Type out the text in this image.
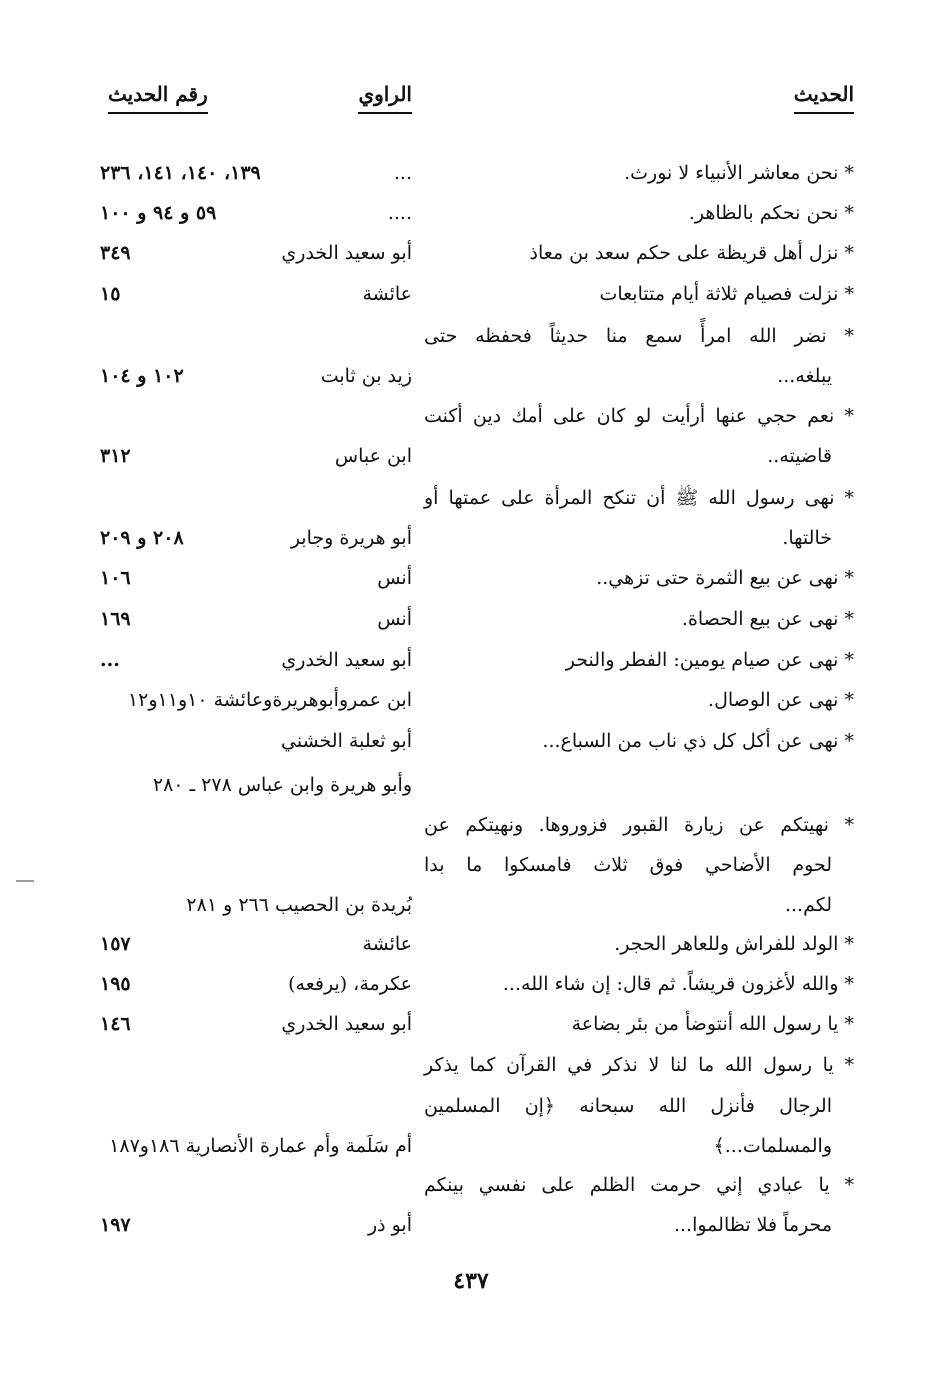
الحديث
الراوي
رقم الحديث
* نحن معاشر الأنبياء لا نورث.
...
١٣٩، ١٤٠، ١٤١، ٢٣٦
* نحن نحكم بالظاهر.
....
٥٩ و ٩٤ و ١٠٠
* نزل أهل قريظة على حكم سعد بن معاذ
أبو سعيد الخدري
٣٤٩
* نزلت فصيام ثلاثة أيام متتابعات
عائشة
١٥
* نضر الله امرأً سمع منا حديثاً فحفظه حتى
يبلغه...
زيد بن ثابت
١٠٢ و ١٠٤
* نعم حجي عنها أرأيت لو كان على أمك دين أكنت
قاضيته..
ابن عباس
٣١٢
* نهى رسول الله ﷺ أن تنكح المرأة على عمتها أو
خالتها.
أبو هريرة وجابر
٢٠٨ و ٢٠٩
* نهى عن بيع الثمرة حتى تزهي..
أنس
١٠٦
* نهى عن بيع الحصاة.
أنس
١٦٩
* نهى عن صيام يومين: الفطر والنحر
أبو سعيد الخدري
...
* نهى عن الوصال.
ابن عمروأبوهريرةوعائشة ١٠و١١و١٢
* نهى عن أكل كل ذي ناب من السباع...
أبو ثعلبة الخشني
وأبو هريرة وابن عباس ٢٧٨ ـ ٢٨٠
* نهيتكم عن زيارة القبور فزوروها. ونهيتكم عن
لحوم الأضاحي فوق ثلاث فامسكوا ما بدا
لكم...
بُريدة بن الحصيب ٢٦٦ و ٢٨١
* الولد للفراش وللعاهر الحجر.
عائشة
١٥٧
* والله لأغزون قريشاً. ثم قال: إن شاء الله...
عكرمة، (يرفعه)
١٩٥
* يا رسول الله أنتوضأ من بئر بضاعة
أبو سعيد الخدري
١٤٦
* يا رسول الله ما لنا لا نذكر في القرآن كما يذكر
الرجال فأنزل الله سبحانه ﴿إن المسلمين
والمسلمات...﴾
أم سَلَمة وأم عمارة الأنصارية ١٨٦و١٨٧
* يا عبادي إني حرمت الظلم على نفسي بينكم
محرماً فلا تظالموا...
أبو ذر
١٩٧
٤٣٧
